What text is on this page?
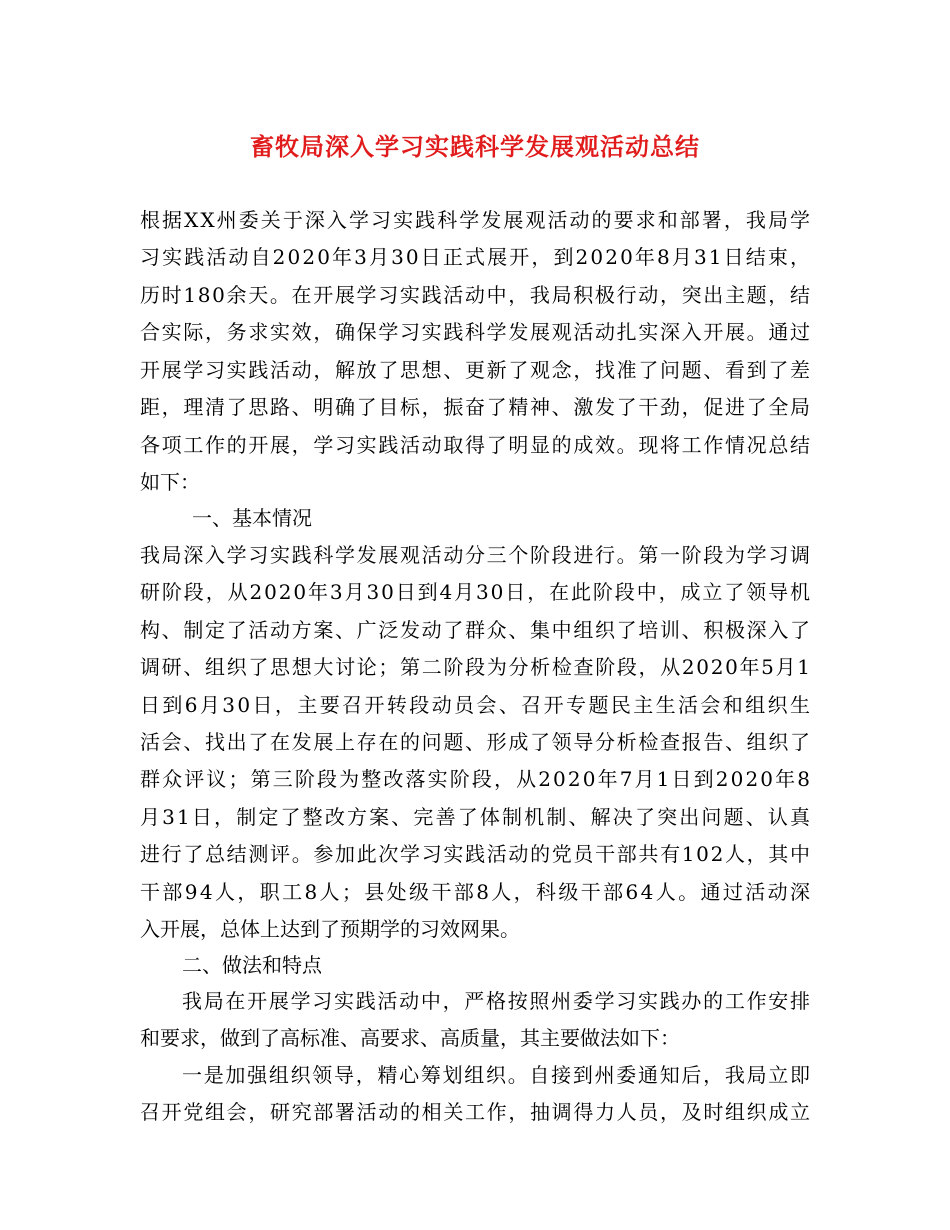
畜牧局深入学习实践科学发展观活动总结
根据XX州委关于深入学习实践科学发展观活动的要求和部署，我局学
习实践活动自2020年3月30日正式展开，到2020年8月31日结束，
历时180余天。在开展学习实践活动中，我局积极行动，突出主题，结
合实际，务求实效，确保学习实践科学发展观活动扎实深入开展。通过
开展学习实践活动，解放了思想、更新了观念，找准了问题、看到了差
距，理清了思路、明确了目标，振奋了精神、激发了干劲，促进了全局
各项工作的开展，学习实践活动取得了明显的成效。现将工作情况总结
如下：
一、基本情况
我局深入学习实践科学发展观活动分三个阶段进行。第一阶段为学习调
研阶段，从2020年3月30日到4月30日，在此阶段中，成立了领导机
构、制定了活动方案、广泛发动了群众、集中组织了培训、积极深入了
调研、组织了思想大讨论；第二阶段为分析检查阶段，从2020年5月1
日到6月30日，主要召开转段动员会、召开专题民主生活会和组织生
活会、找出了在发展上存在的问题、形成了领导分析检查报告、组织了
群众评议；第三阶段为整改落实阶段，从2020年7月1日到2020年8
月31日，制定了整改方案、完善了体制机制、解决了突出问题、认真
进行了总结测评。参加此次学习实践活动的党员干部共有102人，其中
干部94人，职工8人；县处级干部8人，科级干部64人。通过活动深
入开展，总体上达到了预期学的习效网果。
二、做法和特点
我局在开展学习实践活动中，严格按照州委学习实践办的工作安排
和要求，做到了高标准、高要求、高质量，其主要做法如下：
一是加强组织领导，精心筹划组织。自接到州委通知后，我局立即
召开党组会，研究部署活动的相关工作，抽调得力人员，及时组织成立
